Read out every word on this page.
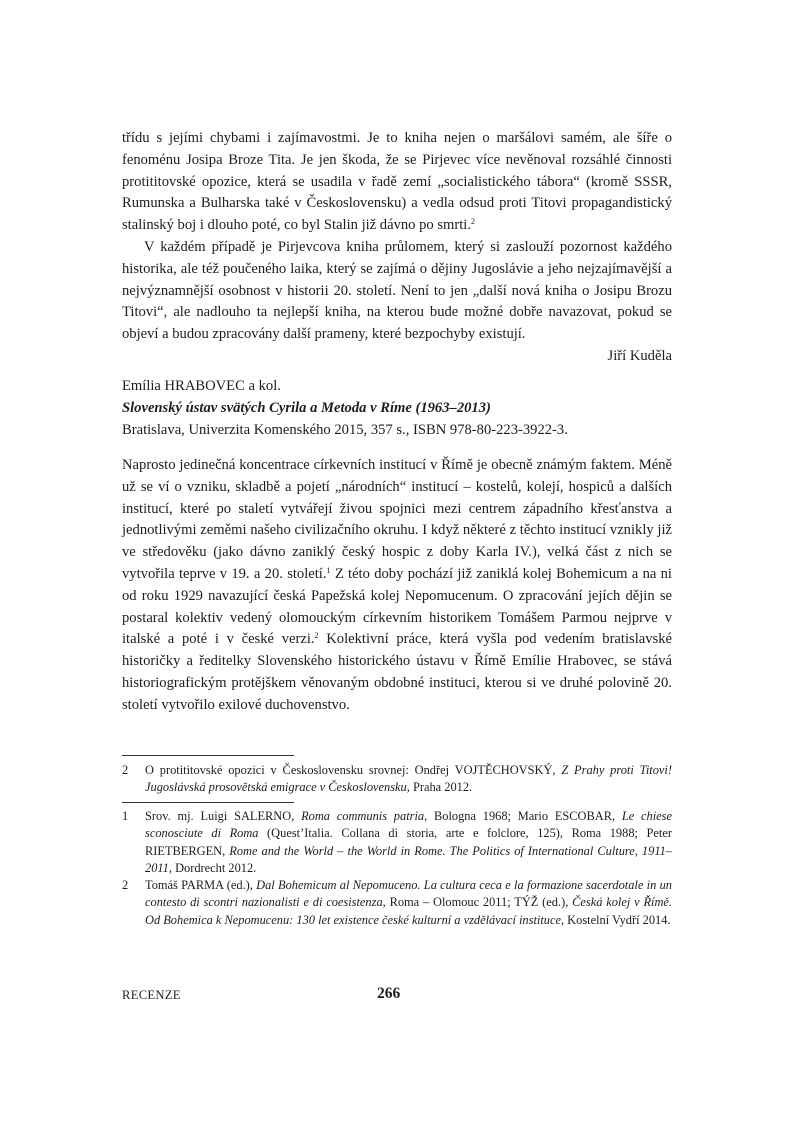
třídu s jejími chybami i zajímavostmi. Je to kniha nejen o maršálovi samém, ale šíře o fenoménu Josipa Broze Tita. Je jen škoda, že se Pirjevec více nevěnoval rozsáhlé činnosti protititovské opozice, která se usadila v řadě zemí „socialistického tábora“ (kromě SSSR, Rumunska a Bulharska také v Československu) a vedla odsud proti Titovi propagandistický stalinský boj i dlouho poté, co byl Stalin již dávno po smrti.$^2$

V každém případě je Pirjevcova kniha průlomem, který si zaslouží pozornost každého historika, ale též poučeného laika, který se zajímá o dějiny Jugoslávie a jeho nejzajímavější a nejvýznamnější osobnost v historii 20. století. Není to jen „další nová kniha o Josipu Brozu Titovi“, ale nadlouho ta nejlepší kniha, na kterou bude možné dobře navazovat, pokud se objeví a budou zpracovány další prameny, které bezpochyby existují.

Jiří Kuděla

Emília HRABOVEC a kol.

Slovenský ústav svätých Cyrila a Metoda v Ríme (1963–2013)

Bratislava, Univerzita Komenského 2015, 357 s., ISBN 978-80-223-3922-3.

Naprosto jedinečná koncentrace církevních institucí v Římě je obecně známým faktem. Méně už se ví o vzniku, skladbě a pojetí „národních“ institucí – kostelů, kolejí, hospiců a dalších institucí, které po staletí vytvářejí živou spojnici mezi centrem západního křesťanstva a jednotlivými zeměmi našeho civilizačního okruhu. I když některé z těchto institucí vznikly již ve středověku (jako dávno zaniklý český hospic z doby Karla IV.), velká část z nich se vytvořila teprve v 19. a 20. století.$^1$ Z této doby pochází již zaniklá kolej Bohemicum a na ni od roku 1929 navazující česká Papežská kolej Nepomucenum. O zpracování jejích dějin se postaral kolektiv vedený olomouckým církevním historikem Tomášem Parmou nejprve v italské a poté i v české verzi.$^2$ Kolektivní práce, která vyšla pod vedením bratislavské historičky a ředitelky Slovenského historického ústavu v Římě Emílie Hrabovec, se stává historiografickým protějškem věnovaným obdobné instituci, kterou si ve druhé polovině 20. století vytvořilo exilové duchovenstvo.

2 O protititovské opozici v Československu srovnej: Ondřej VOJTĚCHOVSKÝ, Z Prahy proti Titovi! Jugoslávská prosovětská emigrace v Československu, Praha 2012.
1 Srov. mj. Luigi SALERNO, Roma communis patria, Bologna 1968; Mario ESCOBAR, Le chiese sconosciute di Roma (Quest’Italia. Collana di storia, arte e folclore, 125), Roma 1988; Peter RIETBERGEN, Rome and the World – the World in Rome. The Politics of International Culture, 1911–2011, Dordrecht 2012.
2 Tomáš PARMA (ed.), Dal Bohemicum al Nepomuceno. La cultura ceca e la formazione sacerdotale in un contesto di scontri nazionalisti e di coesistenza, Roma – Olomouc 2011; TÝŽ (ed.), Česká kolej v Římě. Od Bohemica k Nepomucenu: 130 let existence české kulturní a vzdělávací instituce, Kostelní Vydří 2014.
RECENZE	266
